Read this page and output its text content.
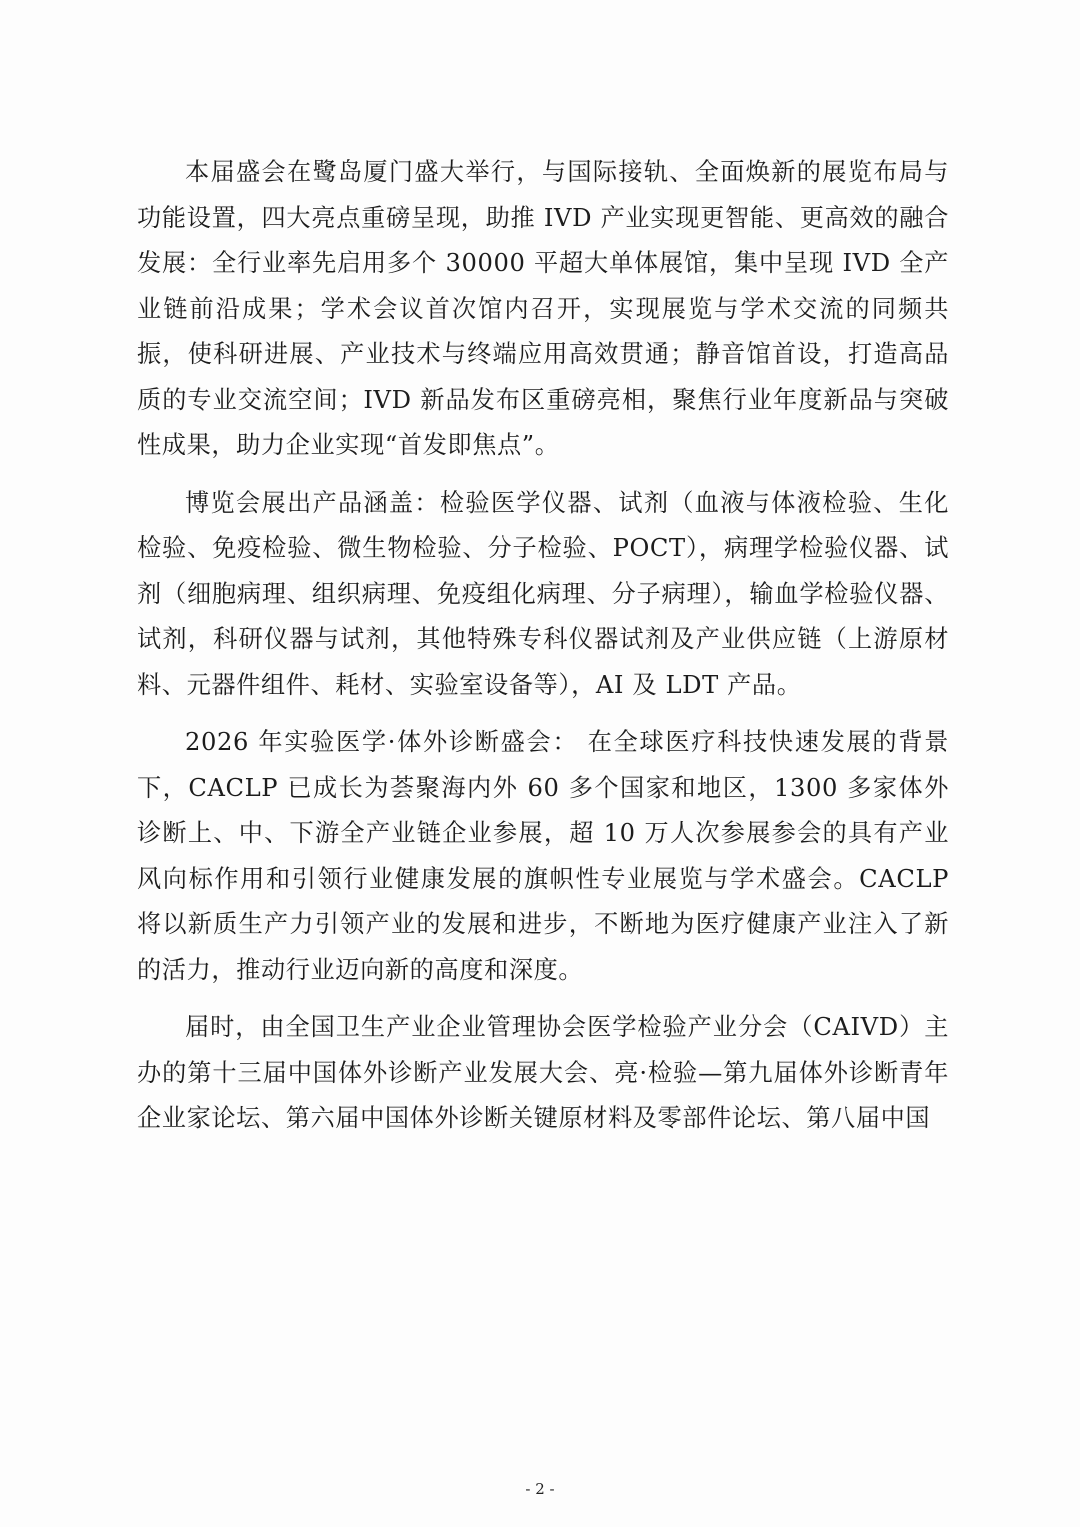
本届盛会在鹭岛厦门盛大举行，与国际接轨、全面焕新的展览布局与功能设置，四大亮点重磅呈现，助推 IVD 产业实现更智能、更高效的融合发展：全行业率先启用多个 30000 平超大单体展馆，集中呈现 IVD 全产业链前沿成果；学术会议首次馆内召开，实现展览与学术交流的同频共振，使科研进展、产业技术与终端应用高效贯通；静音馆首设，打造高品质的专业交流空间；IVD 新品发布区重磅亮相，聚焦行业年度新品与突破性成果，助力企业实现“首发即焦点”。

博览会展出产品涵盖：检验医学仪器、试剂（血液与体液检验、生化检验、免疫检验、微生物检验、分子检验、POCT），病理学检验仪器、试剂（细胞病理、组织病理、免疫组化病理、分子病理），输血学检验仪器、试剂，科研仪器与试剂，其他特殊专科仪器试剂及产业供应链（上游原材料、元器件组件、耗材、实验室设备等），AI 及 LDT 产品。

2026 年实验医学·体外诊断盛会： 在全球医疗科技快速发展的背景下，CACLP 已成长为荟聚海内外 60 多个国家和地区，1300 多家体外诊断上、中、下游全产业链企业参展，超 10 万人次参展参会的具有产业风向标作用和引领行业健康发展的旗帜性专业展览与学术盛会。CACLP 将以新质生产力引领产业的发展和进步，不断地为医疗健康产业注入了新的活力，推动行业迈向新的高度和深度。

届时，由全国卫生产业企业管理协会医学检验产业分会（CAIVD）主办的第十三届中国体外诊断产业发展大会、亮·检验—第九届体外诊断青年企业家论坛、第六届中国体外诊断关键原材料及零部件论坛、第八届中国

- 2 -
